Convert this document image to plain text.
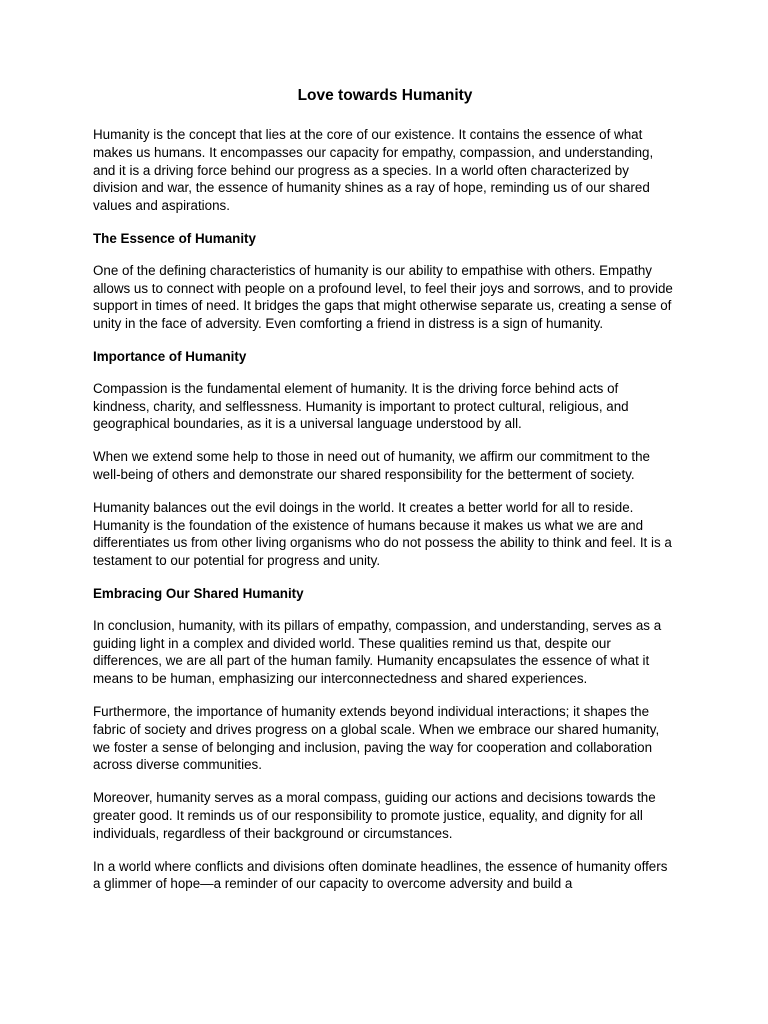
Love towards Humanity

Humanity is the concept that lies at the core of our existence. It contains the essence of what makes us humans. It encompasses our capacity for empathy, compassion, and understanding, and it is a driving force behind our progress as a species. In a world often characterized by division and war, the essence of humanity shines as a ray of hope, reminding us of our shared values and aspirations.

The Essence of Humanity

One of the defining characteristics of humanity is our ability to empathise with others. Empathy allows us to connect with people on a profound level, to feel their joys and sorrows, and to provide support in times of need. It bridges the gaps that might otherwise separate us, creating a sense of unity in the face of adversity. Even comforting a friend in distress is a sign of humanity.

Importance of Humanity

Compassion is the fundamental element of humanity. It is the driving force behind acts of kindness, charity, and selflessness. Humanity is important to protect cultural, religious, and geographical boundaries, as it is a universal language understood by all.

When we extend some help to those in need out of humanity, we affirm our commitment to the well-being of others and demonstrate our shared responsibility for the betterment of society.

Humanity balances out the evil doings in the world. It creates a better world for all to reside. Humanity is the foundation of the existence of humans because it makes us what we are and differentiates us from other living organisms who do not possess the ability to think and feel. It is a testament to our potential for progress and unity.

Embracing Our Shared Humanity

In conclusion, humanity, with its pillars of empathy, compassion, and understanding, serves as a guiding light in a complex and divided world. These qualities remind us that, despite our differences, we are all part of the human family. Humanity encapsulates the essence of what it means to be human, emphasizing our interconnectedness and shared experiences.

Furthermore, the importance of humanity extends beyond individual interactions; it shapes the fabric of society and drives progress on a global scale. When we embrace our shared humanity, we foster a sense of belonging and inclusion, paving the way for cooperation and collaboration across diverse communities.

Moreover, humanity serves as a moral compass, guiding our actions and decisions towards the greater good. It reminds us of our responsibility to promote justice, equality, and dignity for all individuals, regardless of their background or circumstances.

In a world where conflicts and divisions often dominate headlines, the essence of humanity offers a glimmer of hope—a reminder of our capacity to overcome adversity and build a
